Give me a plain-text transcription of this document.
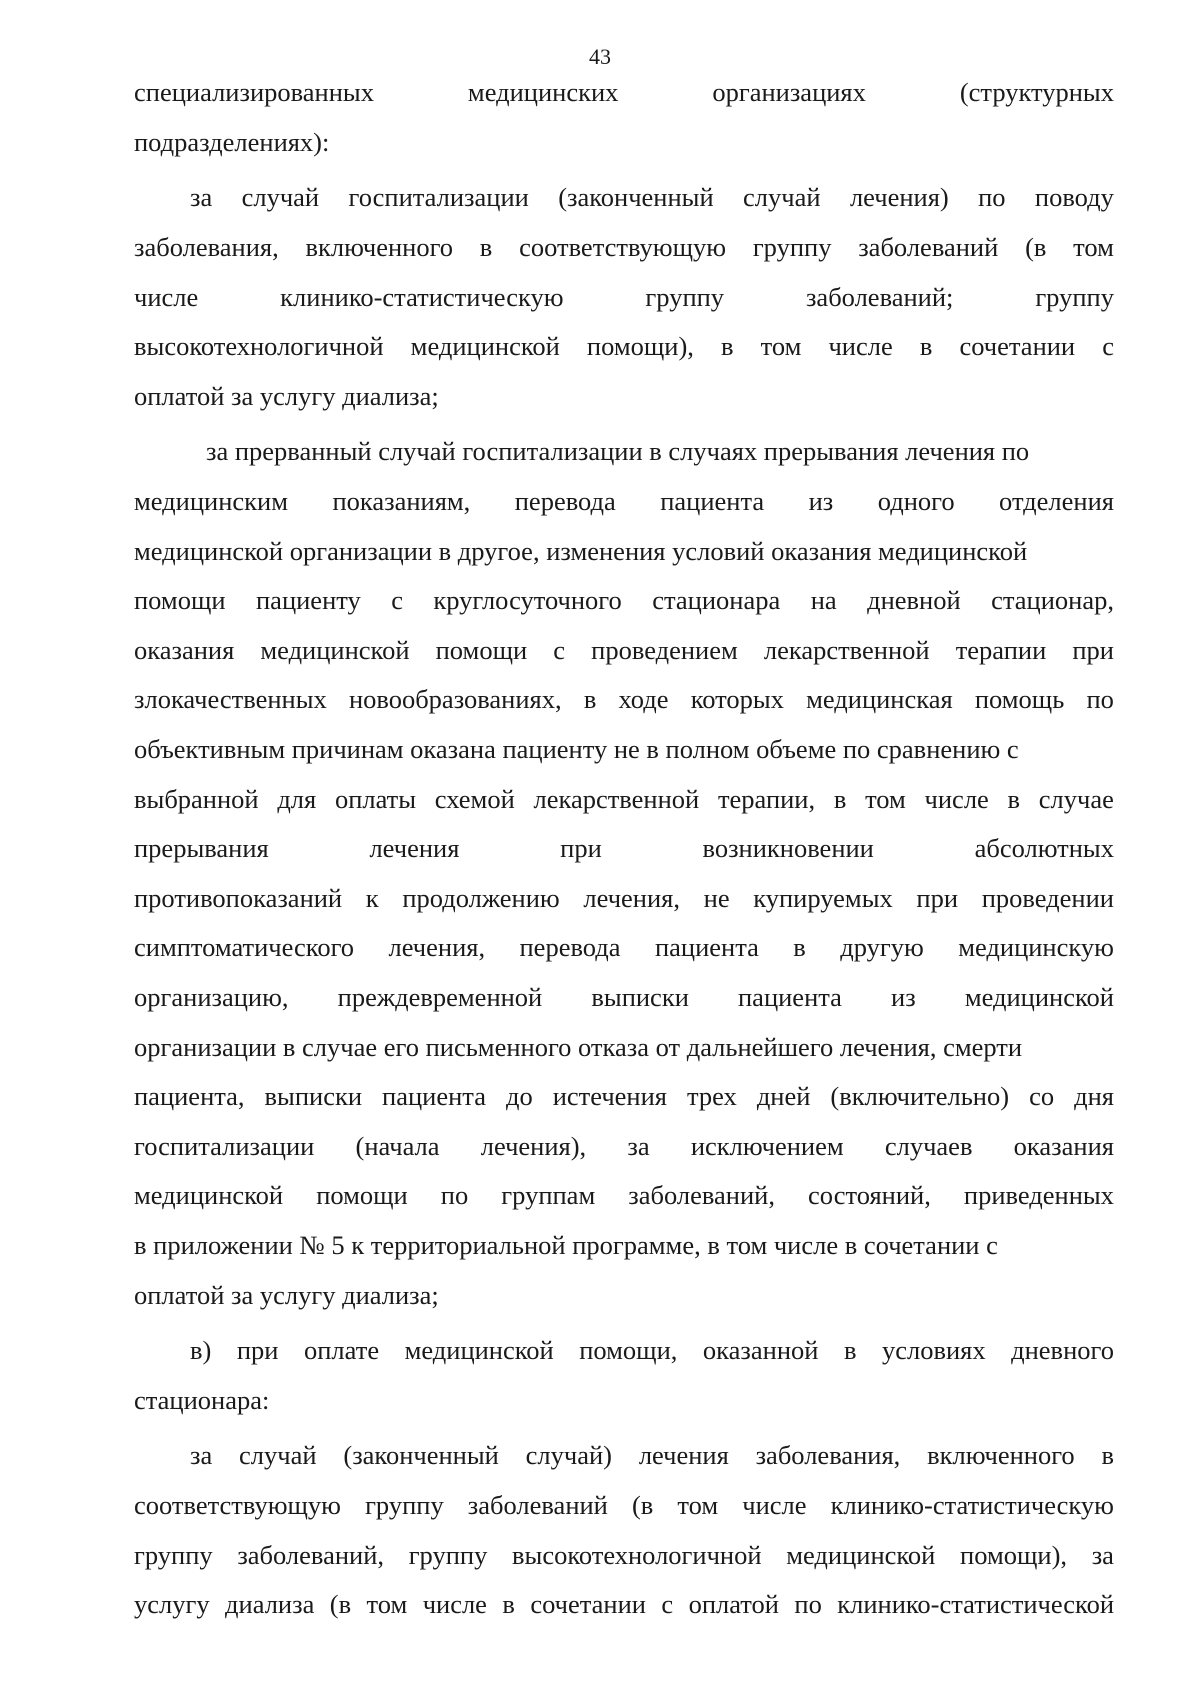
43
специализированных	медицинских	организациях	(структурных
подразделениях):
за случай госпитализации (законченный случай лечения) по поводу
заболевания, включенного в соответствующую группу заболеваний (в том
числе	клинико-статистическую	группу	заболеваний;	группу
высокотехнологичной медицинской помощи), в том числе в сочетании с
оплатой за услугу диализа;
за прерванный случай госпитализации в случаях прерывания лечения по
медицинским показаниям, перевода пациента из одного отделения
медицинской организации в другое, изменения условий оказания медицинской
помощи пациенту с круглосуточного стационара на дневной стационар,
оказания медицинской помощи с проведением лекарственной терапии при
злокачественных новообразованиях, в ходе которых медицинская помощь по
объективным причинам оказана пациенту не в полном объеме по сравнению с
выбранной для оплаты схемой лекарственной терапии, в том числе в случае
прерывания	лечения	при	возникновении	абсолютных
противопоказаний к продолжению лечения, не купируемых при проведении
симптоматического лечения, перевода пациента в другую медицинскую
организацию, преждевременной выписки пациента из медицинской
организации в случае его письменного отказа от дальнейшего лечения, смерти
пациента, выписки пациента до истечения трех дней (включительно) со дня
госпитализации (начала лечения), за исключением случаев оказания
медицинской помощи по группам заболеваний, состояний, приведенных
в приложении № 5 к территориальной программе, в том числе в сочетании с
оплатой за услугу диализа;
в) при оплате медицинской помощи, оказанной в условиях дневного
стационара:
за случай (законченный случай) лечения заболевания, включенного в
соответствующую группу заболеваний (в том числе клинико-статистическую
группу заболеваний, группу высокотехнологичной медицинской помощи), за
услугу диализа (в том числе в сочетании с оплатой по клинико-статистической
